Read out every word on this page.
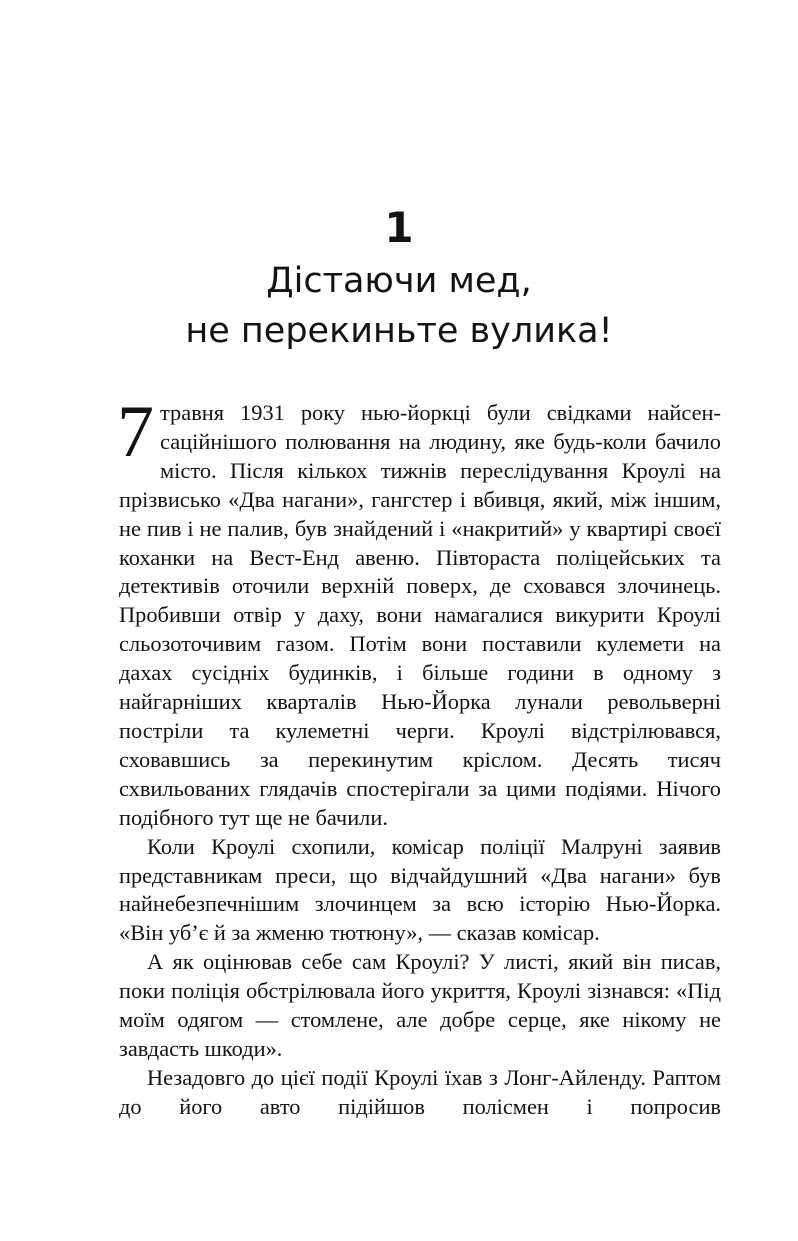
1
Дістаючи мед,
не перекиньте вулика!

7 травня 1931 року нью-йоркці були свідками найсенсаційнішого полювання на людину, яке будь-коли бачило місто. Після кількох тижнів переслідування Кроулі на прізвисько «Два нагани», гангстер і вбивця, який, між іншим, не пив і не палив, був знайдений і «накритий» у квартирі своєї коханки на Вест-Енд авеню. Півтораста поліцейських та детективів оточили верхній поверх, де сховався злочинець. Пробивши отвір у даху, вони намагалися викурити Кроулі сльозоточивим газом. Потім вони поставили кулемети на дахах сусідніх будинків, і більше години в одному з найгарніших кварталів Нью-Йорка лунали револьверні постріли та кулеметні черги. Кроулі відстрілювався, сховавшись за перекинутим кріслом. Десять тисяч схвильованих глядачів спостерігали за цими подіями. Нічого подібного тут ще не бачили.

Коли Кроулі схопили, комісар поліції Малруні заявив представникам преси, що відчайдушний «Два нагани» був найнебезпечнішим злочинцем за всю історію Нью-Йорка. «Він уб’є й за жменю тютюну», — сказав комісар.

А як оцінював себе сам Кроулі? У листі, який він писав, поки поліція обстрілювала його укриття, Кроулі зізнався: «Під моїм одягом — стомлене, але добре серце, яке нікому не завдасть шкоди».

Незадовго до цієї події Кроулі їхав з Лонг-Айленду. Раптом до його авто підійшов полісмен і попросив
